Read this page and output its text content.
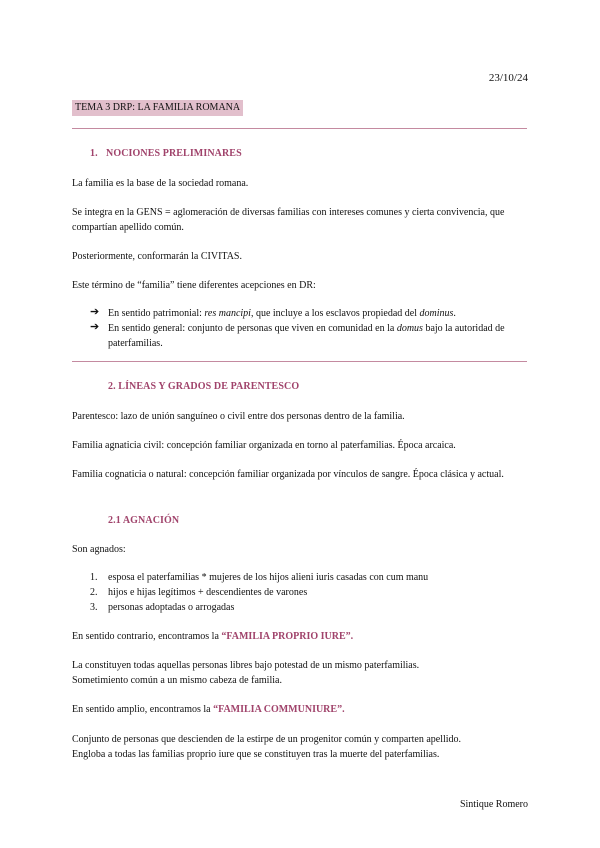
23/10/24
TEMA 3 DRP: LA FAMILIA ROMANA
1. NOCIONES PRELIMINARES
La familia es la base de la sociedad romana.
Se integra en la GENS = aglomeración de diversas familias con intereses comunes y cierta convivencia, que compartían apellido común.
Posteriormente, conformarán la CIVITAS.
Este término de “familia” tiene diferentes acepciones en DR:
➔ En sentido patrimonial: res mancipi, que incluye a los esclavos propiedad del dominus.
➔ En sentido general: conjunto de personas que viven en comunidad en la domus bajo la autoridad de paterfamilias.
2. LÍNEAS Y GRADOS DE PARENTESCO
Parentesco: lazo de unión sanguíneo o civil entre dos personas dentro de la familia.
Familia agnaticia civil: concepción familiar organizada en torno al paterfamilias. Época arcaica.
Familia cognaticia o natural: concepción familiar organizada por vínculos de sangre. Época clásica y actual.
2.1 AGNACIÓN
Son agnados:
1. esposa el paterfamilias * mujeres de los hijos alieni iuris casadas con cum manu
2. hijos e hijas legítimos + descendientes de varones
3. personas adoptadas o arrogadas
En sentido contrario, encontramos la “FAMILIA PROPRIO IURE”.
La constituyen todas aquellas personas libres bajo potestad de un mismo paterfamilias.
Sometimiento común a un mismo cabeza de familia.
En sentido amplio, encontramos la “FAMILIA COMMUNIURE”.
Conjunto de personas que descienden de la estirpe de un progenitor común y comparten apellido.
Engloba a todas las familias proprio iure que se constituyen tras la muerte del paterfamilias.
Sintique Romero
